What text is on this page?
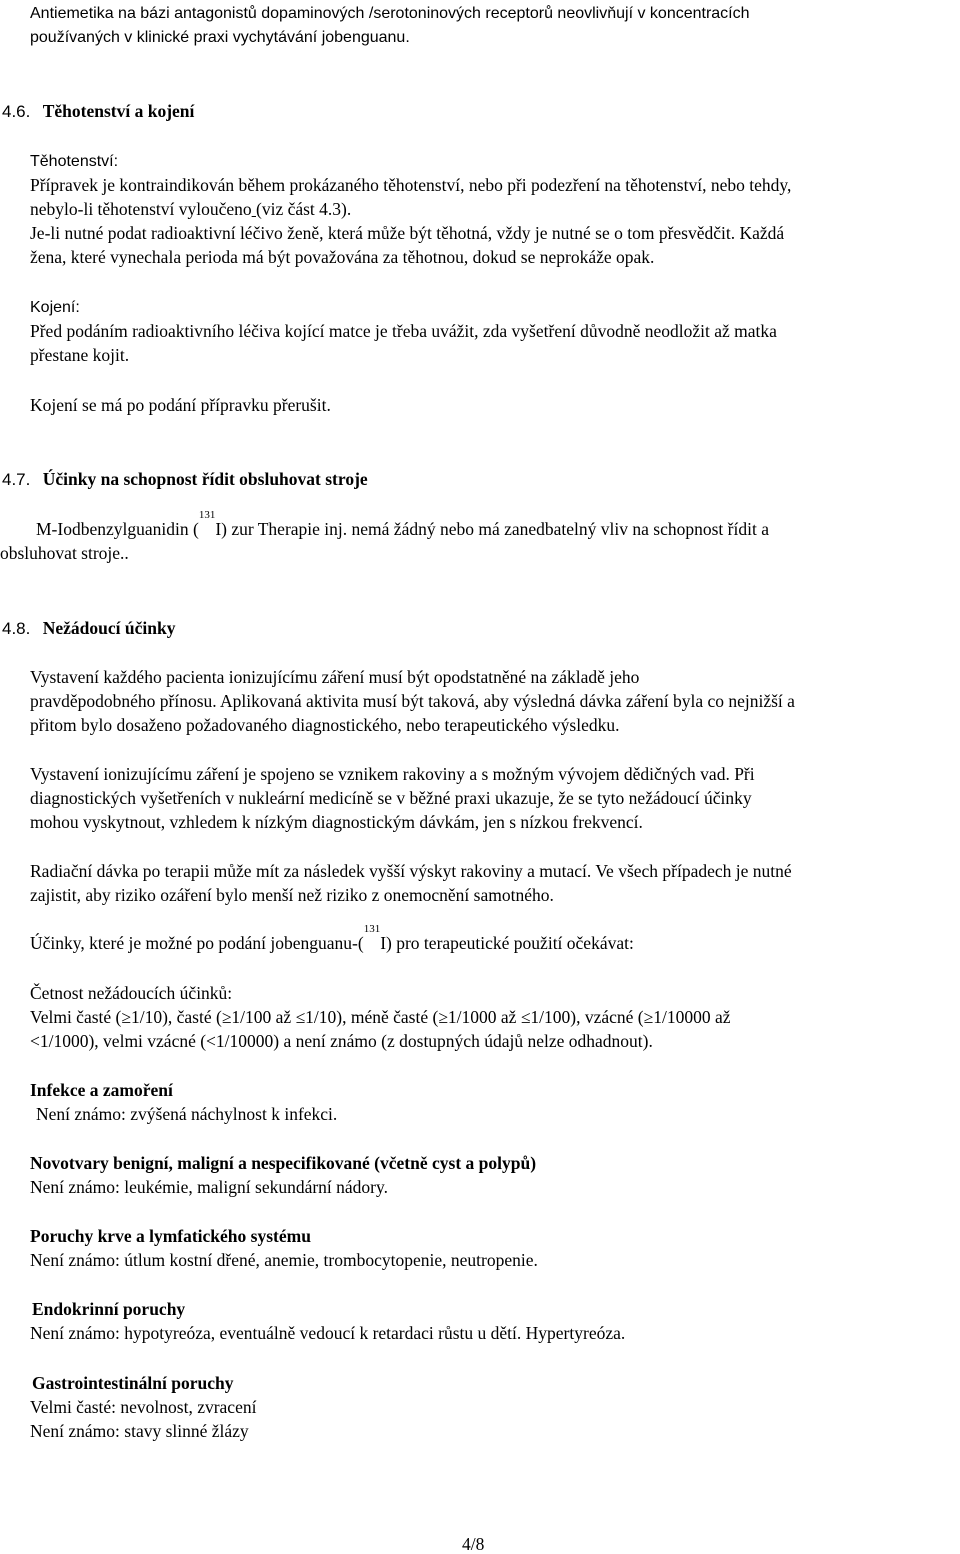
Antiemetika na bázi antagonistů dopaminových /serotoninových receptorů neovlivňují v koncentracích

používaných v klinické praxi vychytávání jobenguanu.

4.6. Těhotenství a kojení

Těhotenství:

Přípravek je kontraindikován během prokázaného těhotenství, nebo při podezření na těhotenství, nebo tehdy,

nebylo-li těhotenství vyloučeno (viz část 4.3).

Je-li nutné podat radioaktivní léčivo ženě, která může být těhotná, vždy je nutné se o tom přesvědčit. Každá

žena, které vynechala perioda má být považována za těhotnou, dokud se neprokáže opak.

Kojení:

Před podáním radioaktivního léčiva kojící matce je třeba uvážit, zda vyšetření důvodně neodložit až matka

přestane kojit.

Kojení se má po podání přípravku přerušit.

4.7. Účinky na schopnost řídit obsluhovat stroje

M-Iodbenzylguanidin ($^{131}$I) zur Therapie inj. nemá žádný nebo má zanedbatelný vliv na schopnost řídit a

obsluhovat stroje..

4.8. Nežádoucí účinky

Vystavení každého pacienta ionizujícímu záření musí být opodstatněné na základě jeho

pravděpodobného přínosu. Aplikovaná aktivita musí být taková, aby výsledná dávka záření byla co nejnižší a

přitom bylo dosaženo požadovaného diagnostického, nebo terapeutického výsledku.

Vystavení ionizujícímu záření je spojeno se vznikem rakoviny a s možným vývojem dědičných vad. Při

diagnostických vyšetřeních v nukleární medicíně se v běžné praxi ukazuje, že se tyto nežádoucí účinky

mohou vyskytnout, vzhledem k nízkým diagnostickým dávkám, jen s nízkou frekvencí.

Radiační dávka po terapii může mít za následek vyšší výskyt rakoviny a mutací. Ve všech případech je nutné

zajistit, aby riziko ozáření bylo menší než riziko z onemocnění samotného.

Účinky, které je možné po podání jobenguanu-($^{131}$I) pro terapeutické použití očekávat:

Četnost nežádoucích účinků:

Velmi časté (≥1/10), časté (≥1/100 až ≤1/10), méně časté (≥1/1000 až ≤1/100), vzácné (≥1/10000 až

<1/1000), velmi vzácné (<1/10000) a není známo (z dostupných údajů nelze odhadnout).

Infekce a zamoření

Není známo: zvýšená náchylnost k infekci.

Novotvary benigní, maligní a nespecifikované (včetně cyst a polypů)

Není známo: leukémie, maligní sekundární nádory.

Poruchy krve a lymfatického systému

Není známo: útlum kostní dřené, anemie, trombocytopenie, neutropenie.

Endokrinní poruchy

Není známo: hypotyreóza, eventuálně vedoucí k retardaci růstu u dětí. Hypertyreóza.

Gastrointestinální poruchy

Velmi časté: nevolnost, zvracení

Není známo: stavy slinné žlázy

4/8
